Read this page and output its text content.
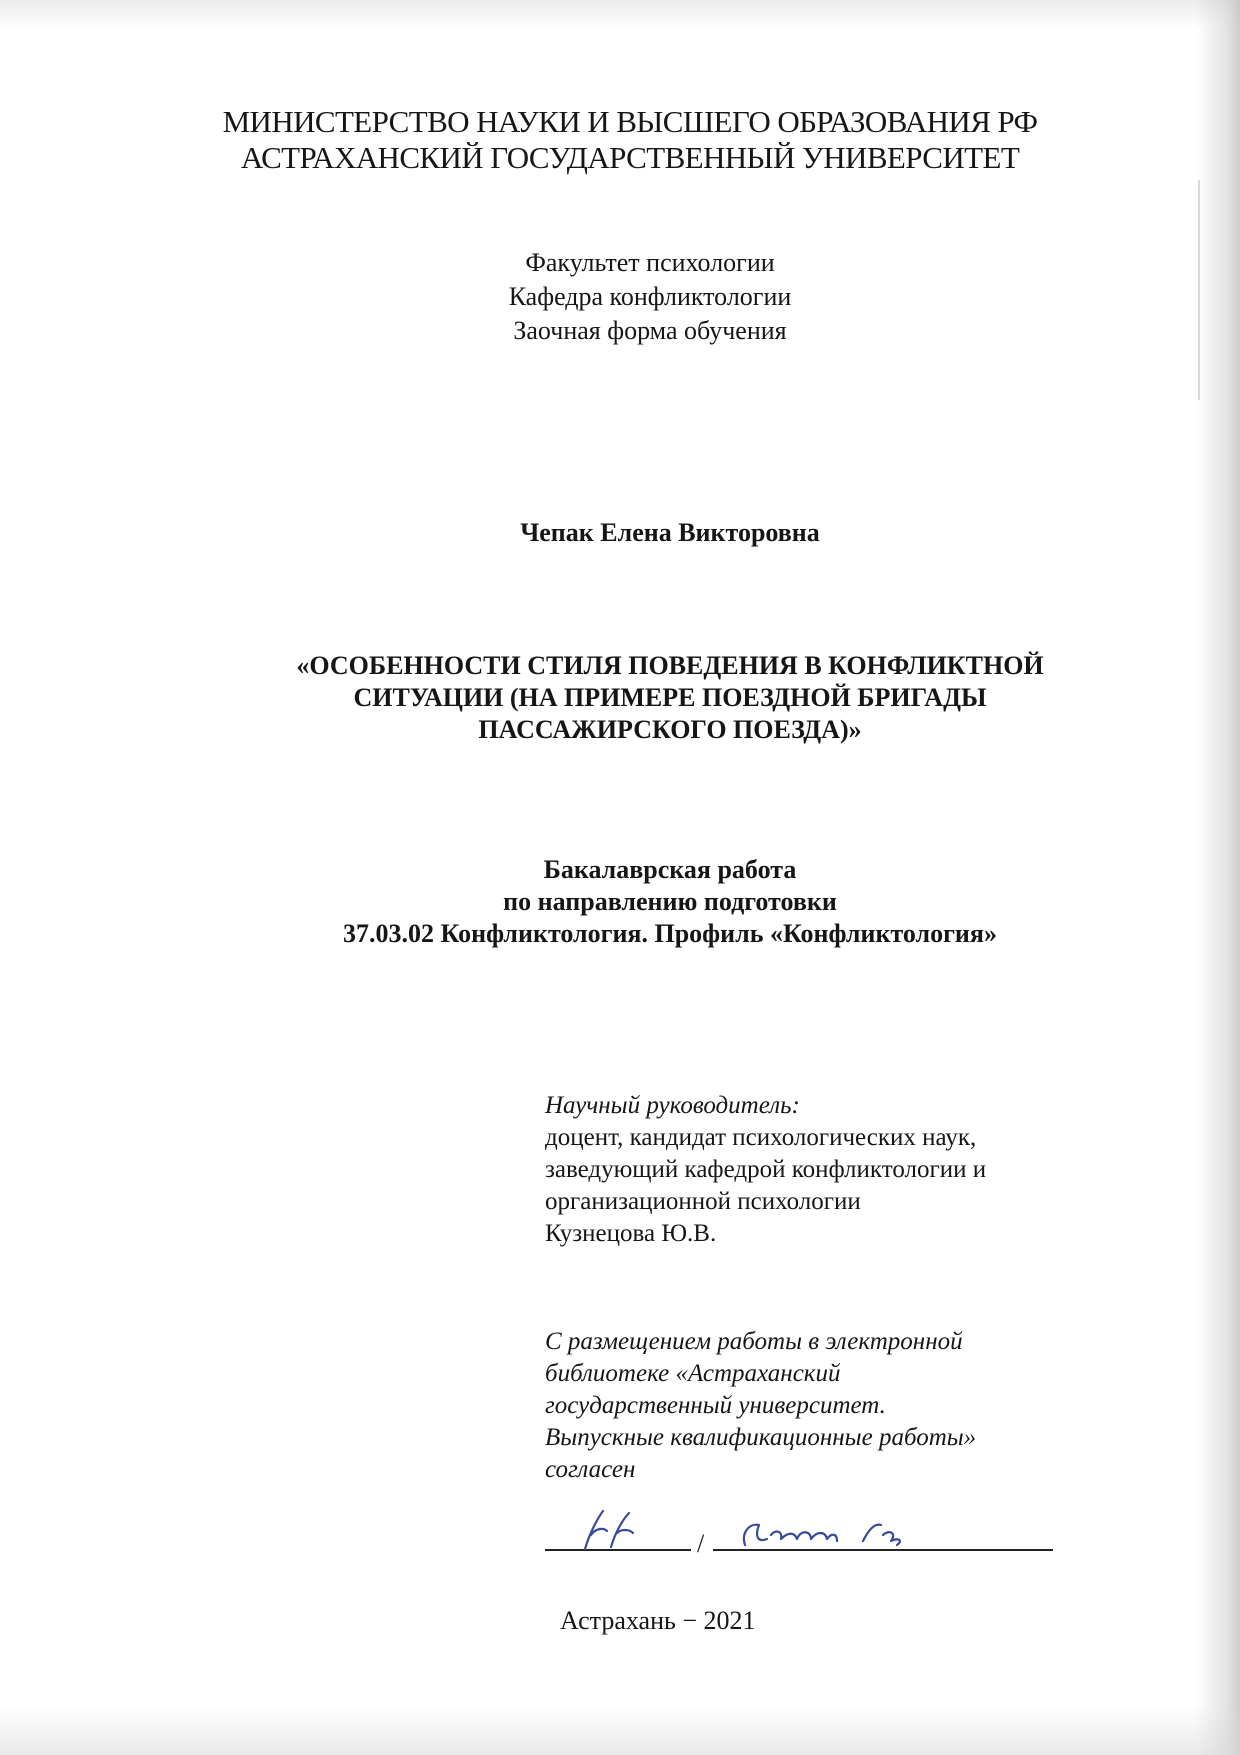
МИНИСТЕРСТВО НАУКИ И ВЫСШЕГО ОБРАЗОВАНИЯ РФ
АСТРАХАНСКИЙ ГОСУДАРСТВЕННЫЙ УНИВЕРСИТЕТ
Факультет психологии
Кафедра конфликтологии
Заочная форма обучения
Чепак Елена Викторовна
«ОСОБЕННОСТИ СТИЛЯ ПОВЕДЕНИЯ В КОНФЛИКТНОЙ
СИТУАЦИИ (НА ПРИМЕРЕ ПОЕЗДНОЙ БРИГАДЫ
ПАССАЖИРСКОГО ПОЕЗДА)»
Бакалаврская работа
по направлению подготовки
37.03.02 Конфликтология. Профиль «Конфликтология»
Научный руководитель:
доцент, кандидат психологических наук,
заведующий кафедрой конфликтологии и
организационной психологии
Кузнецова Ю.В.
С размещением работы в электронной
библиотеке «Астраханский
государственный университет.
Выпускные квалификационные работы»
согласен
/
Астрахань − 2021
